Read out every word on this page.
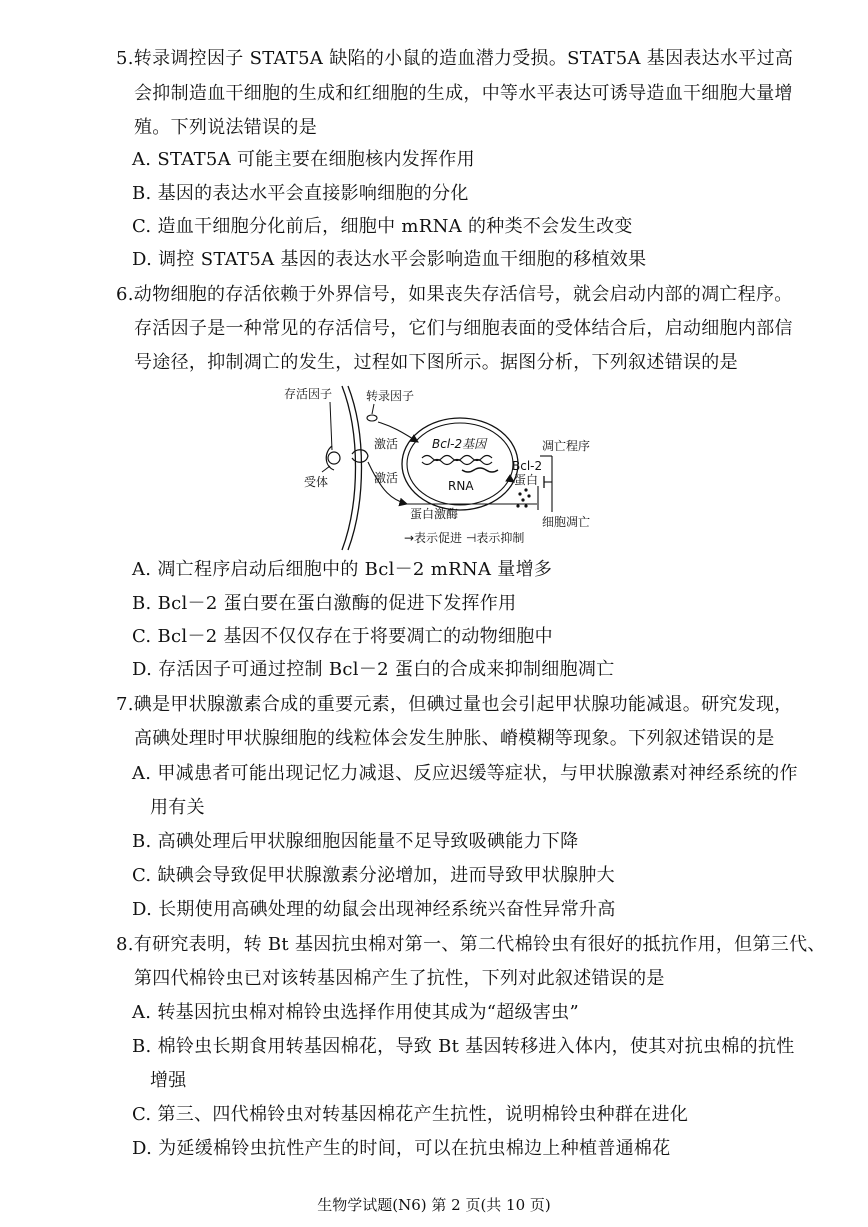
5.转录调控因子 STAT5A 缺陷的小鼠的造血潜力受损。STAT5A 基因表达水平过高
会抑制造血干细胞的生成和红细胞的生成，中等水平表达可诱导造血干细胞大量增
殖。下列说法错误的是
A. STAT5A 可能主要在细胞核内发挥作用
B. 基因的表达水平会直接影响细胞的分化
C. 造血干细胞分化前后，细胞中 mRNA 的种类不会发生改变
D. 调控 STAT5A 基因的表达水平会影响造血干细胞的移植效果
6.动物细胞的存活依赖于外界信号，如果丧失存活信号，就会启动内部的凋亡程序。
存活因子是一种常见的存活信号，它们与细胞表面的受体结合后，启动细胞内部信
号途径，抑制凋亡的发生，过程如下图所示。据图分析，下列叙述错误的是
存活因子	转录因子
激活
激活
Bcl-2基因
RNA
Bcl-2
蛋白
受体
蛋白激酶
凋亡程序
细胞凋亡
→表示促进 ⊣表示抑制
A. 凋亡程序启动后细胞中的 Bcl－2 mRNA 量增多
B. Bcl－2 蛋白要在蛋白激酶的促进下发挥作用
C. Bcl－2 基因不仅仅存在于将要凋亡的动物细胞中
D. 存活因子可通过控制 Bcl－2 蛋白的合成来抑制细胞凋亡
7.碘是甲状腺激素合成的重要元素，但碘过量也会引起甲状腺功能减退。研究发现，
高碘处理时甲状腺细胞的线粒体会发生肿胀、嵴模糊等现象。下列叙述错误的是
A. 甲减患者可能出现记忆力减退、反应迟缓等症状，与甲状腺激素对神经系统的作
用有关
B. 高碘处理后甲状腺细胞因能量不足导致吸碘能力下降
C. 缺碘会导致促甲状腺激素分泌增加，进而导致甲状腺肿大
D. 长期使用高碘处理的幼鼠会出现神经系统兴奋性异常升高
8.有研究表明，转 Bt 基因抗虫棉对第一、第二代棉铃虫有很好的抵抗作用，但第三代、
第四代棉铃虫已对该转基因棉产生了抗性，下列对此叙述错误的是
A. 转基因抗虫棉对棉铃虫选择作用使其成为“超级害虫”
B. 棉铃虫长期食用转基因棉花，导致 Bt 基因转移进入体内，使其对抗虫棉的抗性
增强
C. 第三、四代棉铃虫对转基因棉花产生抗性，说明棉铃虫种群在进化
D. 为延缓棉铃虫抗性产生的时间，可以在抗虫棉边上种植普通棉花
生物学试题(N6) 第 2 页(共 10 页)
